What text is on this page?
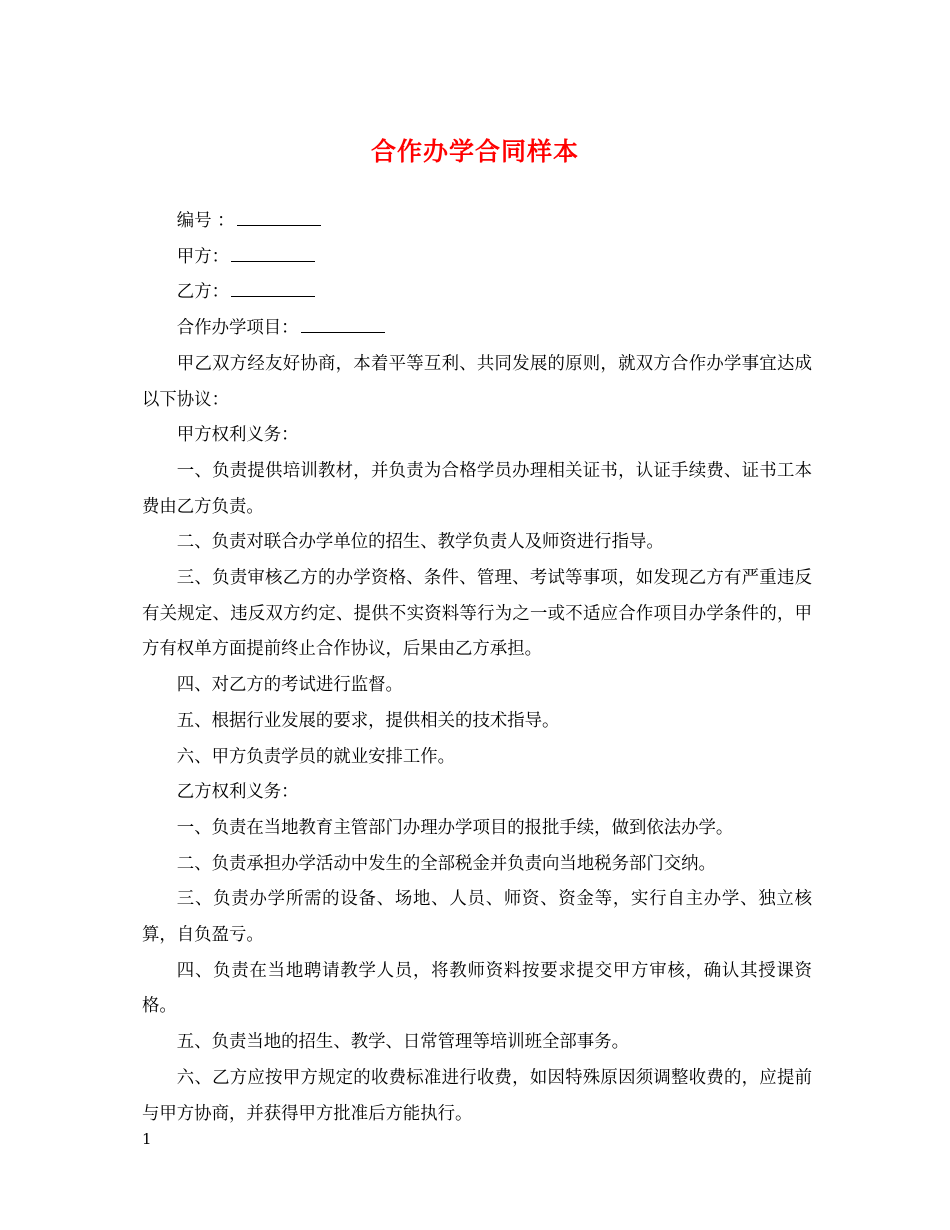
合作办学合同样本

编号 ：

甲方：

乙方：

合作办学项目：

甲乙双方经友好协商，本着平等互利、共同发展的原则，就双方合作办学事宜达成以下协议：

甲方权利义务：

一、负责提供培训教材，并负责为合格学员办理相关证书，认证手续费、证书工本费由乙方负责。

二、负责对联合办学单位的招生、教学负责人及师资进行指导。

三、负责审核乙方的办学资格、条件、管理、考试等事项，如发现乙方有严重违反有关规定、违反双方约定、提供不实资料等行为之一或不适应合作项目办学条件的，甲方有权单方面提前终止合作协议，后果由乙方承担。

四、对乙方的考试进行监督。

五、根据行业发展的要求，提供相关的技术指导。

六、甲方负责学员的就业安排工作。

乙方权利义务：

一、负责在当地教育主管部门办理办学项目的报批手续，做到依法办学。

二、负责承担办学活动中发生的全部税金并负责向当地税务部门交纳。

三、负责办学所需的设备、场地、人员、师资、资金等，实行自主办学、独立核算，自负盈亏。

四、负责在当地聘请教学人员，将教师资料按要求提交甲方审核，确认其授课资格。

五、负责当地的招生、教学、日常管理等培训班全部事务。

六、乙方应按甲方规定的收费标准进行收费，如因特殊原因须调整收费的，应提前与甲方协商，并获得甲方批准后方能执行。

1
